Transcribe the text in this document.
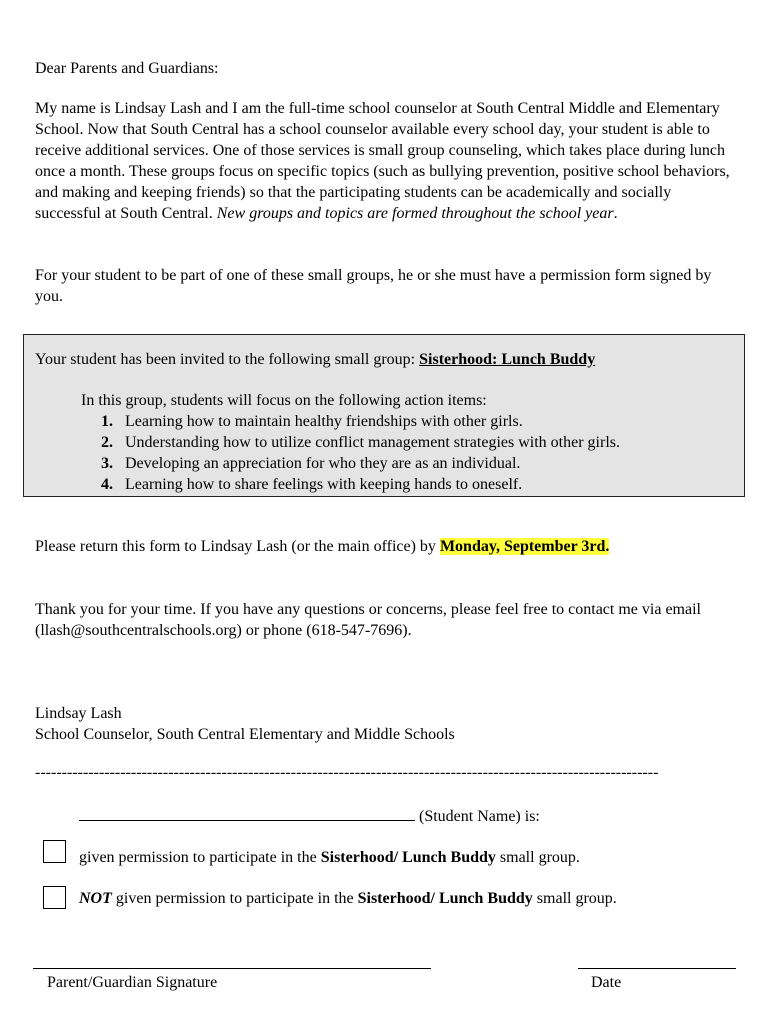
Dear Parents and Guardians:

My name is Lindsay Lash and I am the full-time school counselor at South Central Middle and Elementary School. Now that South Central has a school counselor available every school day, your student is able to receive additional services. One of those services is small group counseling, which takes place during lunch once a month. These groups focus on specific topics (such as bullying prevention, positive school behaviors, and making and keeping friends) so that the participating students can be academically and socially successful at South Central. New groups and topics are formed throughout the school year.

For your student to be part of one of these small groups, he or she must have a permission form signed by you.

Your student has been invited to the following small group: Sisterhood: Lunch Buddy
In this group, students will focus on the following action items:
1. Learning how to maintain healthy friendships with other girls.
2. Understanding how to utilize conflict management strategies with other girls.
3. Developing an appreciation for who they are as an individual.
4. Learning how to share feelings with keeping hands to oneself.

Please return this form to Lindsay Lash (or the main office) by Monday, September 3rd.

Thank you for your time. If you have any questions or concerns, please feel free to contact me via email (llash@southcentralschools.org) or phone (618-547-7696).

Lindsay Lash
School Counselor, South Central Elementary and Middle Schools
---------------------------------------------------------------------------------------------------------------------
(Student Name) is:
given permission to participate in the Sisterhood/ Lunch Buddy small group.
NOT given permission to participate in the Sisterhood/ Lunch Buddy small group.
Parent/Guardian Signature	Date
